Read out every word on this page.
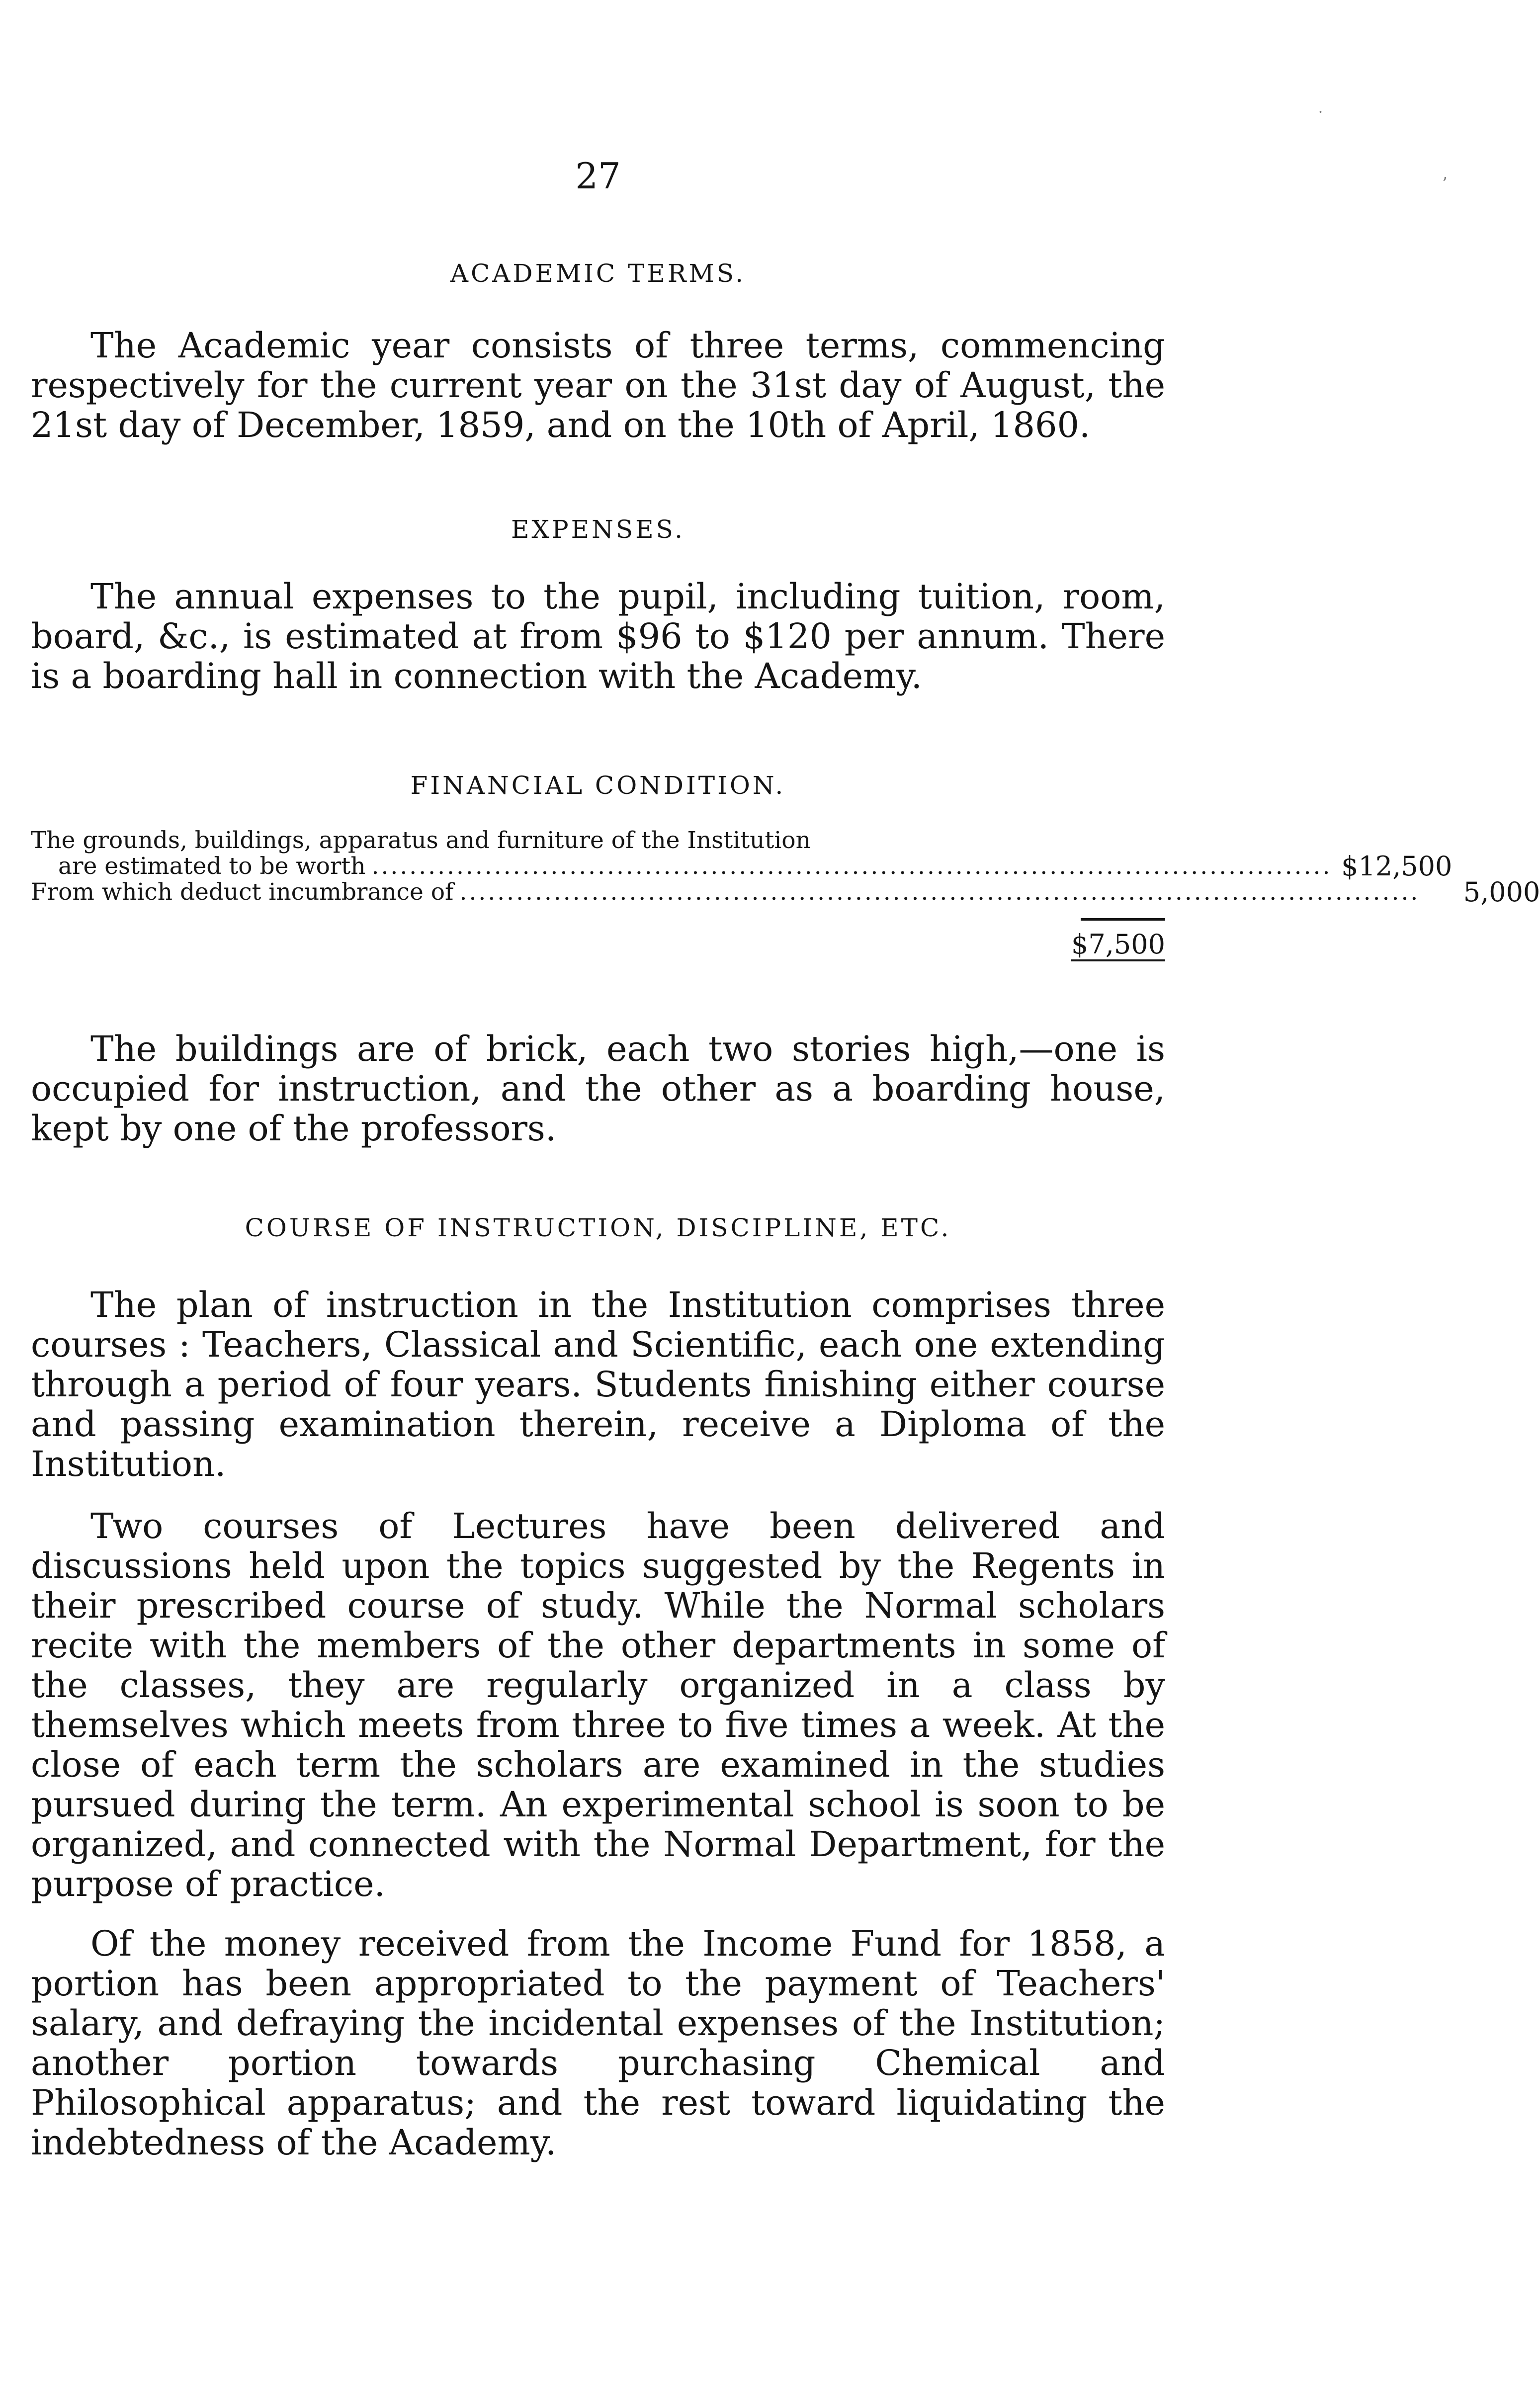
˙
ʼ
27
ACADEMIC TERMS.

The Academic year consists of three terms, commencing respectively for the current year on the 31st day of August, the 21st day of December, 1859, and on the 10th of April, 1860.

EXPENSES.

The annual expenses to the pupil, including tuition, room, board, &c., is estimated at from $96 to $120 per annum. There is a boarding hall in connection with the Academy.

FINANCIAL CONDITION.
The grounds, buildings, apparatus and furniture of the Institution
are estimated to be worth ...................................................................................................... $12,500
From which deduct incumbrance of ......................................................................................................	5,000
$7,500

The buildings are of brick, each two stories high,—one is occupied for instruction, and the other as a boarding house, kept by one of the professors.

COURSE OF INSTRUCTION, DISCIPLINE, ETC.

The plan of instruction in the Institution comprises three courses : Teachers, Classical and Scientific, each one extending through a period of four years. Students finishing either course and passing examination therein, receive a Diploma of the Institution.

Two courses of Lectures have been delivered and discussions held upon the topics suggested by the Regents in their prescribed course of study. While the Normal scholars recite with the members of the other departments in some of the classes, they are regularly organized in a class by themselves which meets from three to five times a week. At the close of each term the scholars are examined in the studies pursued during the term. An experimental school is soon to be organized, and connected with the Normal Department, for the purpose of practice.

Of the money received from the Income Fund for 1858, a portion has been appropriated to the payment of Teachers' salary, and defraying the incidental expenses of the Institution; another portion towards purchasing Chemical and Philosophical apparatus; and the rest toward liquidating the indebtedness of the Academy.
